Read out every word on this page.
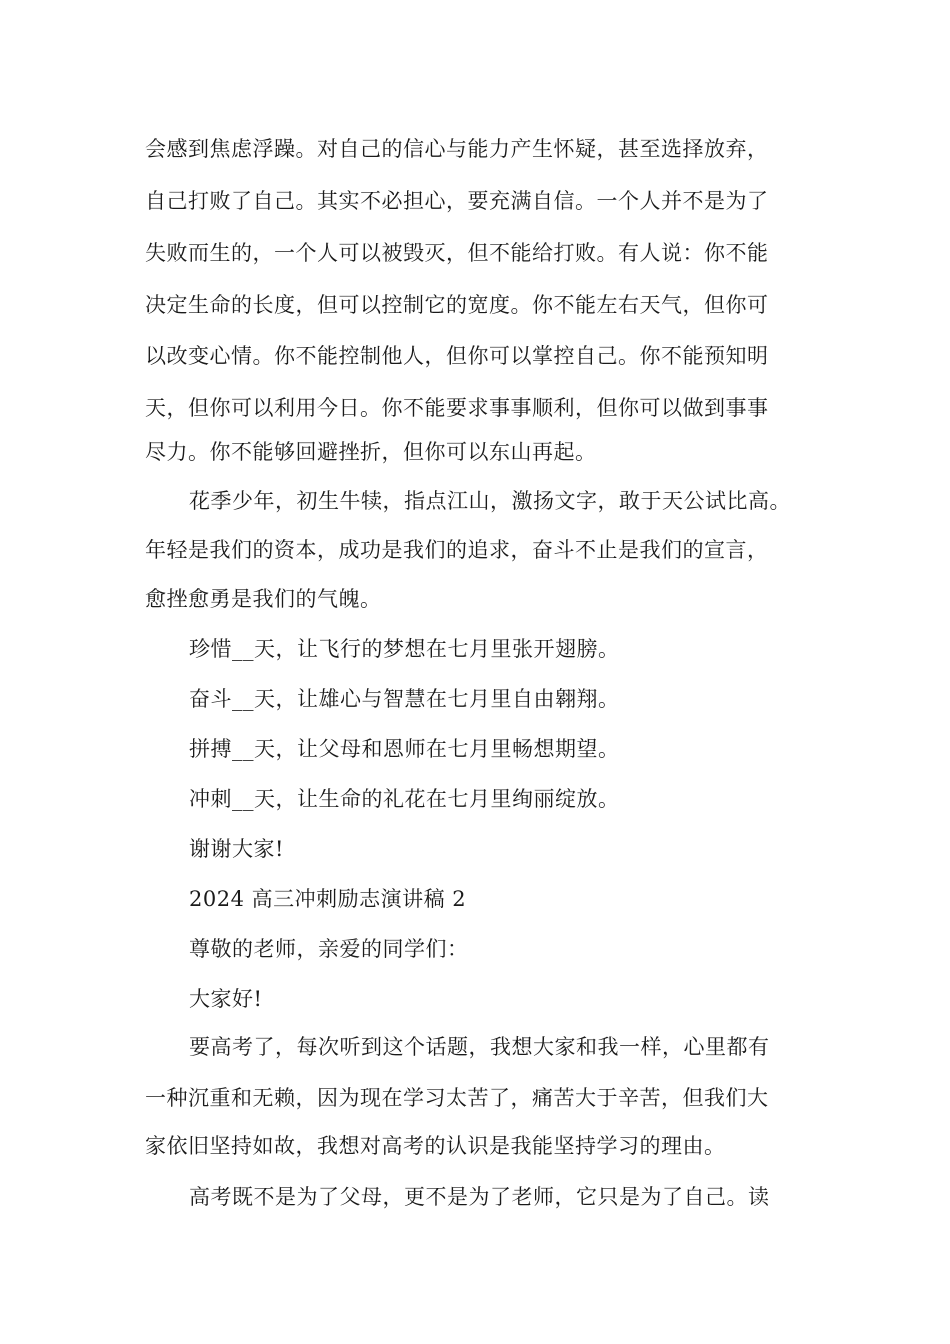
会感到焦虑浮躁。对自己的信心与能力产生怀疑，甚至选择放弃，
自己打败了自己。其实不必担心，要充满自信。一个人并不是为了
失败而生的，一个人可以被毁灭，但不能给打败。有人说：你不能
决定生命的长度，但可以控制它的宽度。你不能左右天气，但你可
以改变心情。你不能控制他人，但你可以掌控自己。你不能预知明
天，但你可以利用今日。你不能要求事事顺利，但你可以做到事事
尽力。你不能够回避挫折，但你可以东山再起。
花季少年，初生牛犊，指点江山，激扬文字，敢于天公试比高。
年轻是我们的资本，成功是我们的追求，奋斗不止是我们的宣言，
愈挫愈勇是我们的气魄。
珍惜__天，让飞行的梦想在七月里张开翅膀。
奋斗__天，让雄心与智慧在七月里自由翱翔。
拼搏__天，让父母和恩师在七月里畅想期望。
冲刺__天，让生命的礼花在七月里绚丽绽放。
谢谢大家!
2024 高三冲刺励志演讲稿 2
尊敬的老师，亲爱的同学们：
大家好!
要高考了，每次听到这个话题，我想大家和我一样，心里都有
一种沉重和无赖，因为现在学习太苦了，痛苦大于辛苦，但我们大
家依旧坚持如故，我想对高考的认识是我能坚持学习的理由。
高考既不是为了父母，更不是为了老师，它只是为了自己。读
